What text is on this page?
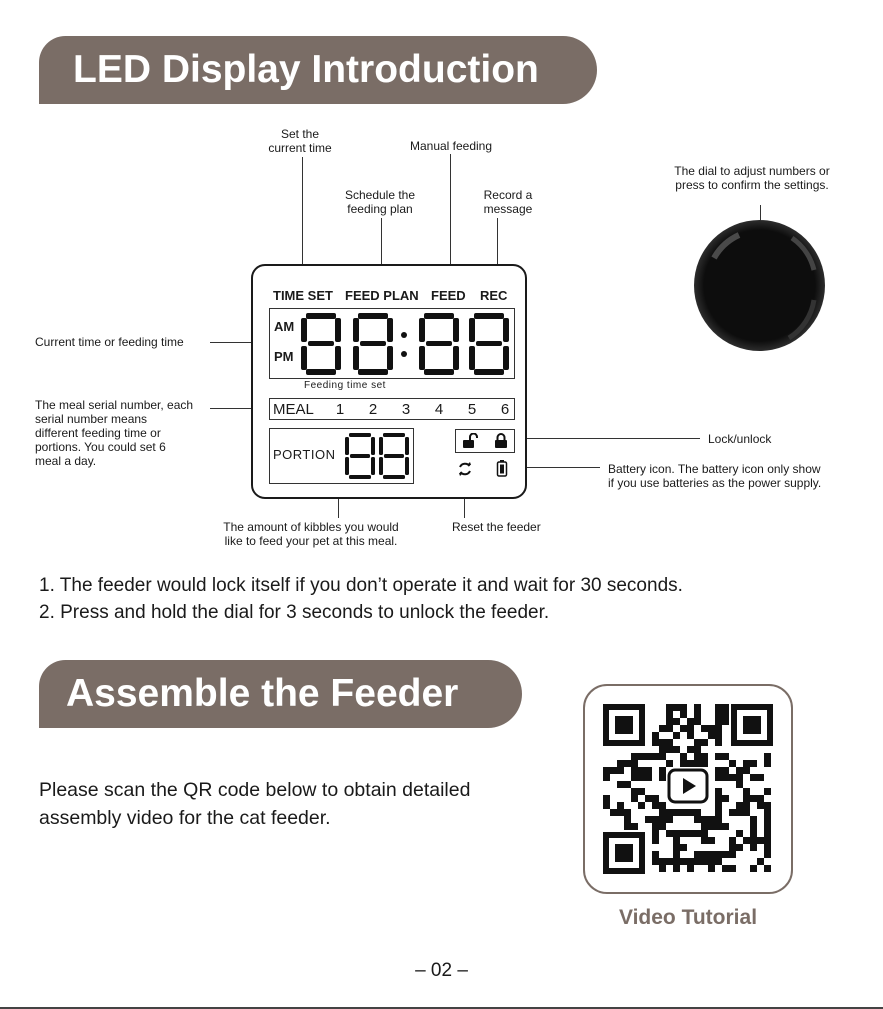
LED Display Introduction
Set the
current time	Manual feeding
Schedule the
feeding plan
Record a
message
The dial to adjust numbers or
press to confirm the settings.
Current time or feeding time
The meal serial number, each
serial number means
different feeding time or
portions. You could set 6
meal a day.
Lock/unlock
Battery icon. The battery icon only show
if you use batteries as the power supply.
The amount of kibbles you would
like to feed your pet at this meal.
Reset the feeder
TIME SET FEED PLAN FEED REC
AM
PM
Feeding time set
MEAL 1 2 3 4 5 6
PORTION
1. The feeder would lock itself if you don’t operate it and wait for 30 seconds.
2. Press and hold the dial for 3 seconds to unlock the feeder.
Assemble the Feeder
Please scan the QR code below to obtain detailed assembly video for the cat feeder.
Video Tutorial
– 02 –
